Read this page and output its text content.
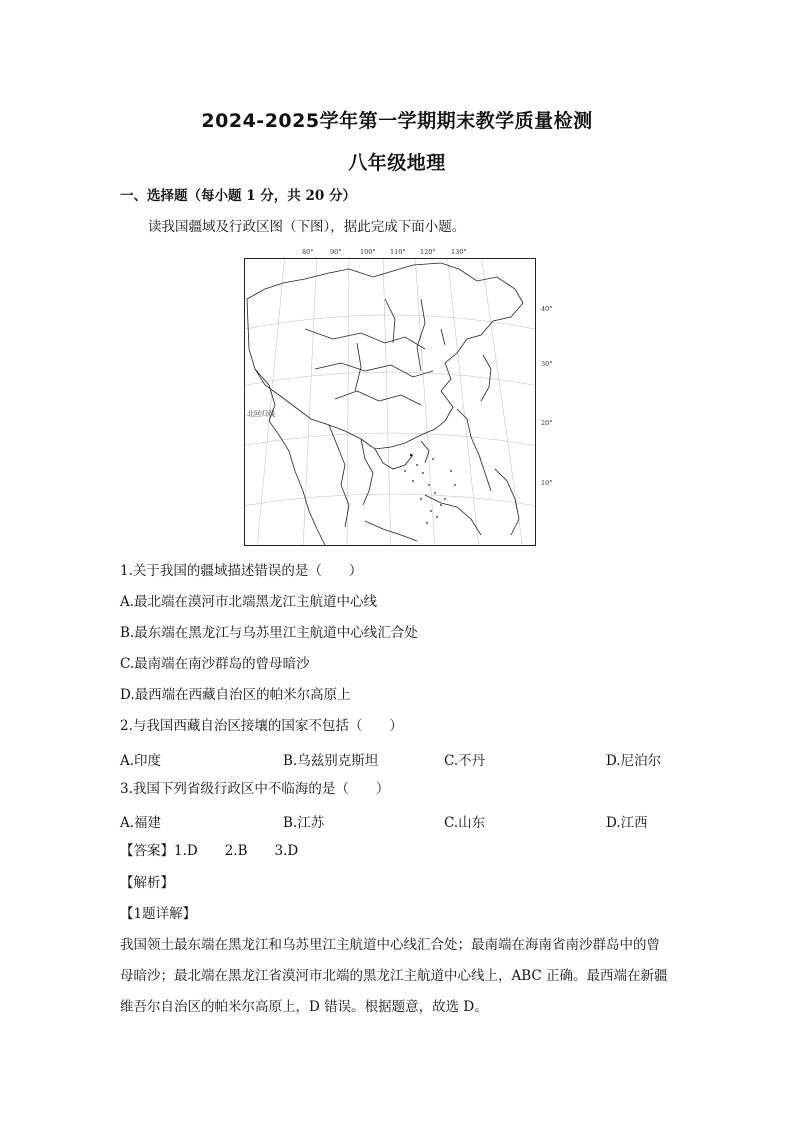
2024-2025学年第一学期期末教学质量检测
八年级地理
一、选择题（每小题 1 分，共 20 分）
读我国疆域及行政区图（下图），据此完成下面小题。
80°	90°	100° 110° 120° 130°
北回归线
40°
30°
20°
10°
1.关于我国的疆域描述错误的是（　　）
A.最北端在漠河市北端黑龙江主航道中心线
B.最东端在黑龙江与乌苏里江主航道中心线汇合处
C.最南端在南沙群岛的曾母暗沙
D.最西端在西藏自治区的帕米尔高原上
2.与我国西藏自治区接壤的国家不包括（　　）
A.印度	B.乌兹别克斯坦	C.不丹	D.尼泊尔
3.我国下列省级行政区中不临海的是（　　）
A.福建	B.江苏	C.山东	D.江西
【答案】1.D　　2.B　　3.D
【解析】
【1题详解】
我国领土最东端在黑龙江和乌苏里江主航道中心线汇合处；最南端在海南省南沙群岛中的曾
母暗沙；最北端在黑龙江省漠河市北端的黑龙江主航道中心线上，ABC 正确。最西端在新疆
维吾尔自治区的帕米尔高原上，D 错误。根据题意，故选 D。
